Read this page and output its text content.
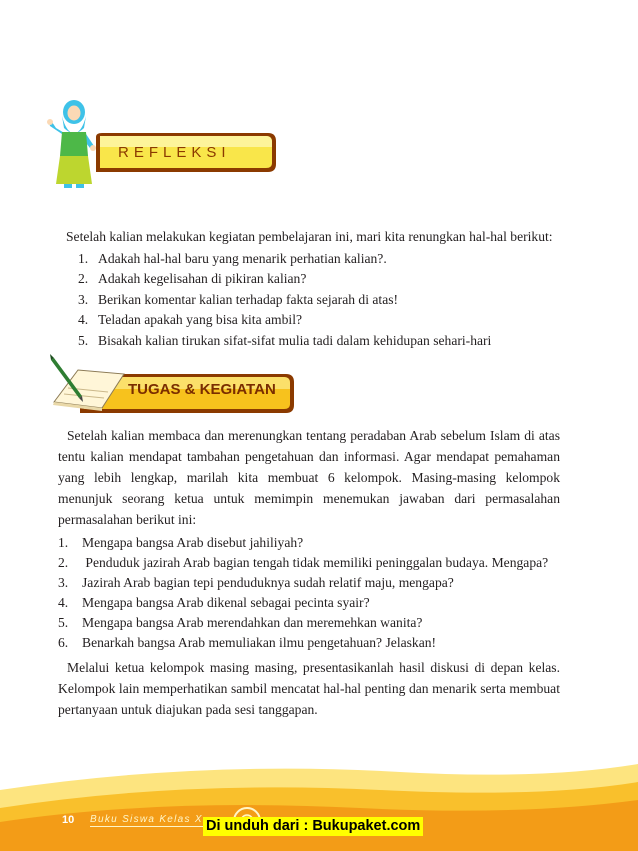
REFLEKSI
Setelah kalian melakukan kegiatan pembelajaran ini, mari kita renungkan hal-hal berikut:
1. Adakah hal-hal baru yang menarik perhatian kalian?.
2. Adakah kegelisahan di pikiran kalian?
3. Berikan komentar kalian terhadap fakta sejarah di atas!
4. Teladan apakah yang bisa kita ambil?
5. Bisakah kalian tirukan sifat-sifat mulia tadi dalam kehidupan sehari-hari
TUGAS & KEGIATAN

Setelah kalian membaca dan merenungkan tentang peradaban Arab sebelum Islam di atas tentu kalian mendapat tambahan pengetahuan dan informasi. Agar mendapat pemahaman yang lebih lengkap, marilah kita membuat 6 kelompok. Masing-masing kelompok menunjuk seorang ketua untuk memimpin menemukan jawaban dari permasalahan permasalahan berikut ini:

1. Mengapa bangsa Arab disebut jahiliyah?
2. Penduduk jazirah Arab bagian tengah tidak memiliki peninggalan budaya. Mengapa?
3. Jazirah Arab bagian tepi penduduknya sudah relatif maju, mengapa?
4. Mengapa bangsa Arab dikenal sebagai pecinta syair?
5. Mengapa bangsa Arab merendahkan dan meremehkan wanita?
6. Benarkah bangsa Arab memuliakan ilmu pengetahuan? Jelaskan!

Melalui ketua kelompok masing masing, presentasikanlah hasil diskusi di depan kelas. Kelompok lain memperhatikan sambil mencatat hal-hal penting dan menarik serta membuat pertanyaan untuk diajukan pada sesi tanggapan.

10 Buku Siswa Kelas X Di unduh dari : Bukupaket.com
